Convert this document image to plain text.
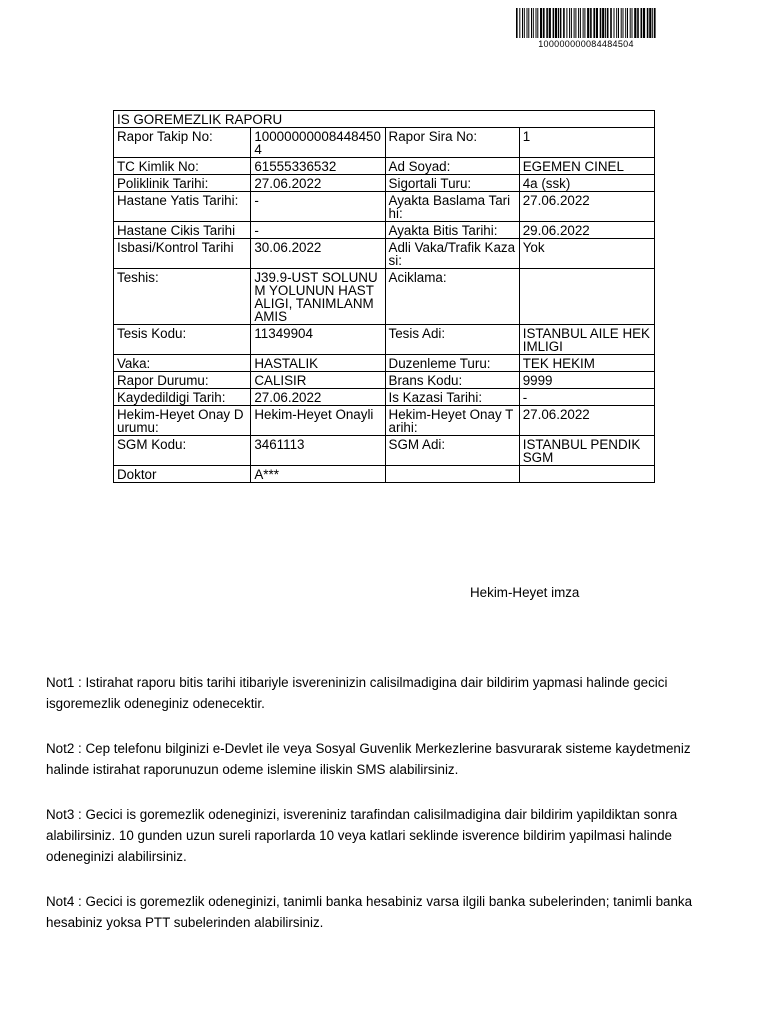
100000000084484504
IS GOREMEZLIK RAPORU			
Rapor Takip No:	100000000084484504	Rapor Sira No:	1
TC Kimlik No:	61555336532	Ad Soyad:	EGEMEN CINEL
Poliklinik Tarihi:	27.06.2022	Sigortali Turu:	4a (ssk)
Hastane Yatis Tarihi:	-	Ayakta Baslama Tarihi:	27.06.2022
Hastane Cikis Tarihi	-	Ayakta Bitis Tarihi:	29.06.2022
Isbasi/Kontrol Tarihi	30.06.2022	Adli Vaka/Trafik Kazasi:	Yok
Teshis:	J39.9-UST SOLUNUM YOLUNUN HASTALIGI, TANIMLANMAMIS	Aciklama:	
Tesis Kodu:	11349904	Tesis Adi:	ISTANBUL AILE HEKIMLIGI
Vaka:	HASTALIK	Duzenleme Turu:	TEK HEKIM
Rapor Durumu:	CALISIR	Brans Kodu:	9999
Kaydedildigi Tarih:	27.06.2022	Is Kazasi Tarihi:	-
Hekim-Heyet Onay Durumu:	Hekim-Heyet Onayli	Hekim-Heyet Onay Tarihi:	27.06.2022
SGM Kodu:	3461113	SGM Adi:	ISTANBUL PENDIK SGM
Doktor	A***		
Hekim-Heyet imza

Not1 : Istirahat raporu bitis tarihi itibariyle isvereninizin calisilmadigina dair bildirim yapmasi halinde gecici isgoremezlik odeneginiz odenecektir.

Not2 : Cep telefonu bilginizi e-Devlet ile veya Sosyal Guvenlik Merkezlerine basvurarak sisteme kaydetmeniz halinde istirahat raporunuzun odeme islemine iliskin SMS alabilirsiniz.

Not3 : Gecici is goremezlik odeneginizi, isvereniniz tarafindan calisilmadigina dair bildirim yapildiktan sonra alabilirsiniz. 10 gunden uzun sureli raporlarda 10 veya katlari seklinde isverence bildirim yapilmasi halinde odeneginizi alabilirsiniz.

Not4 : Gecici is goremezlik odeneginizi, tanimli banka hesabiniz varsa ilgili banka subelerinden; tanimli banka hesabiniz yoksa PTT subelerinden alabilirsiniz.
